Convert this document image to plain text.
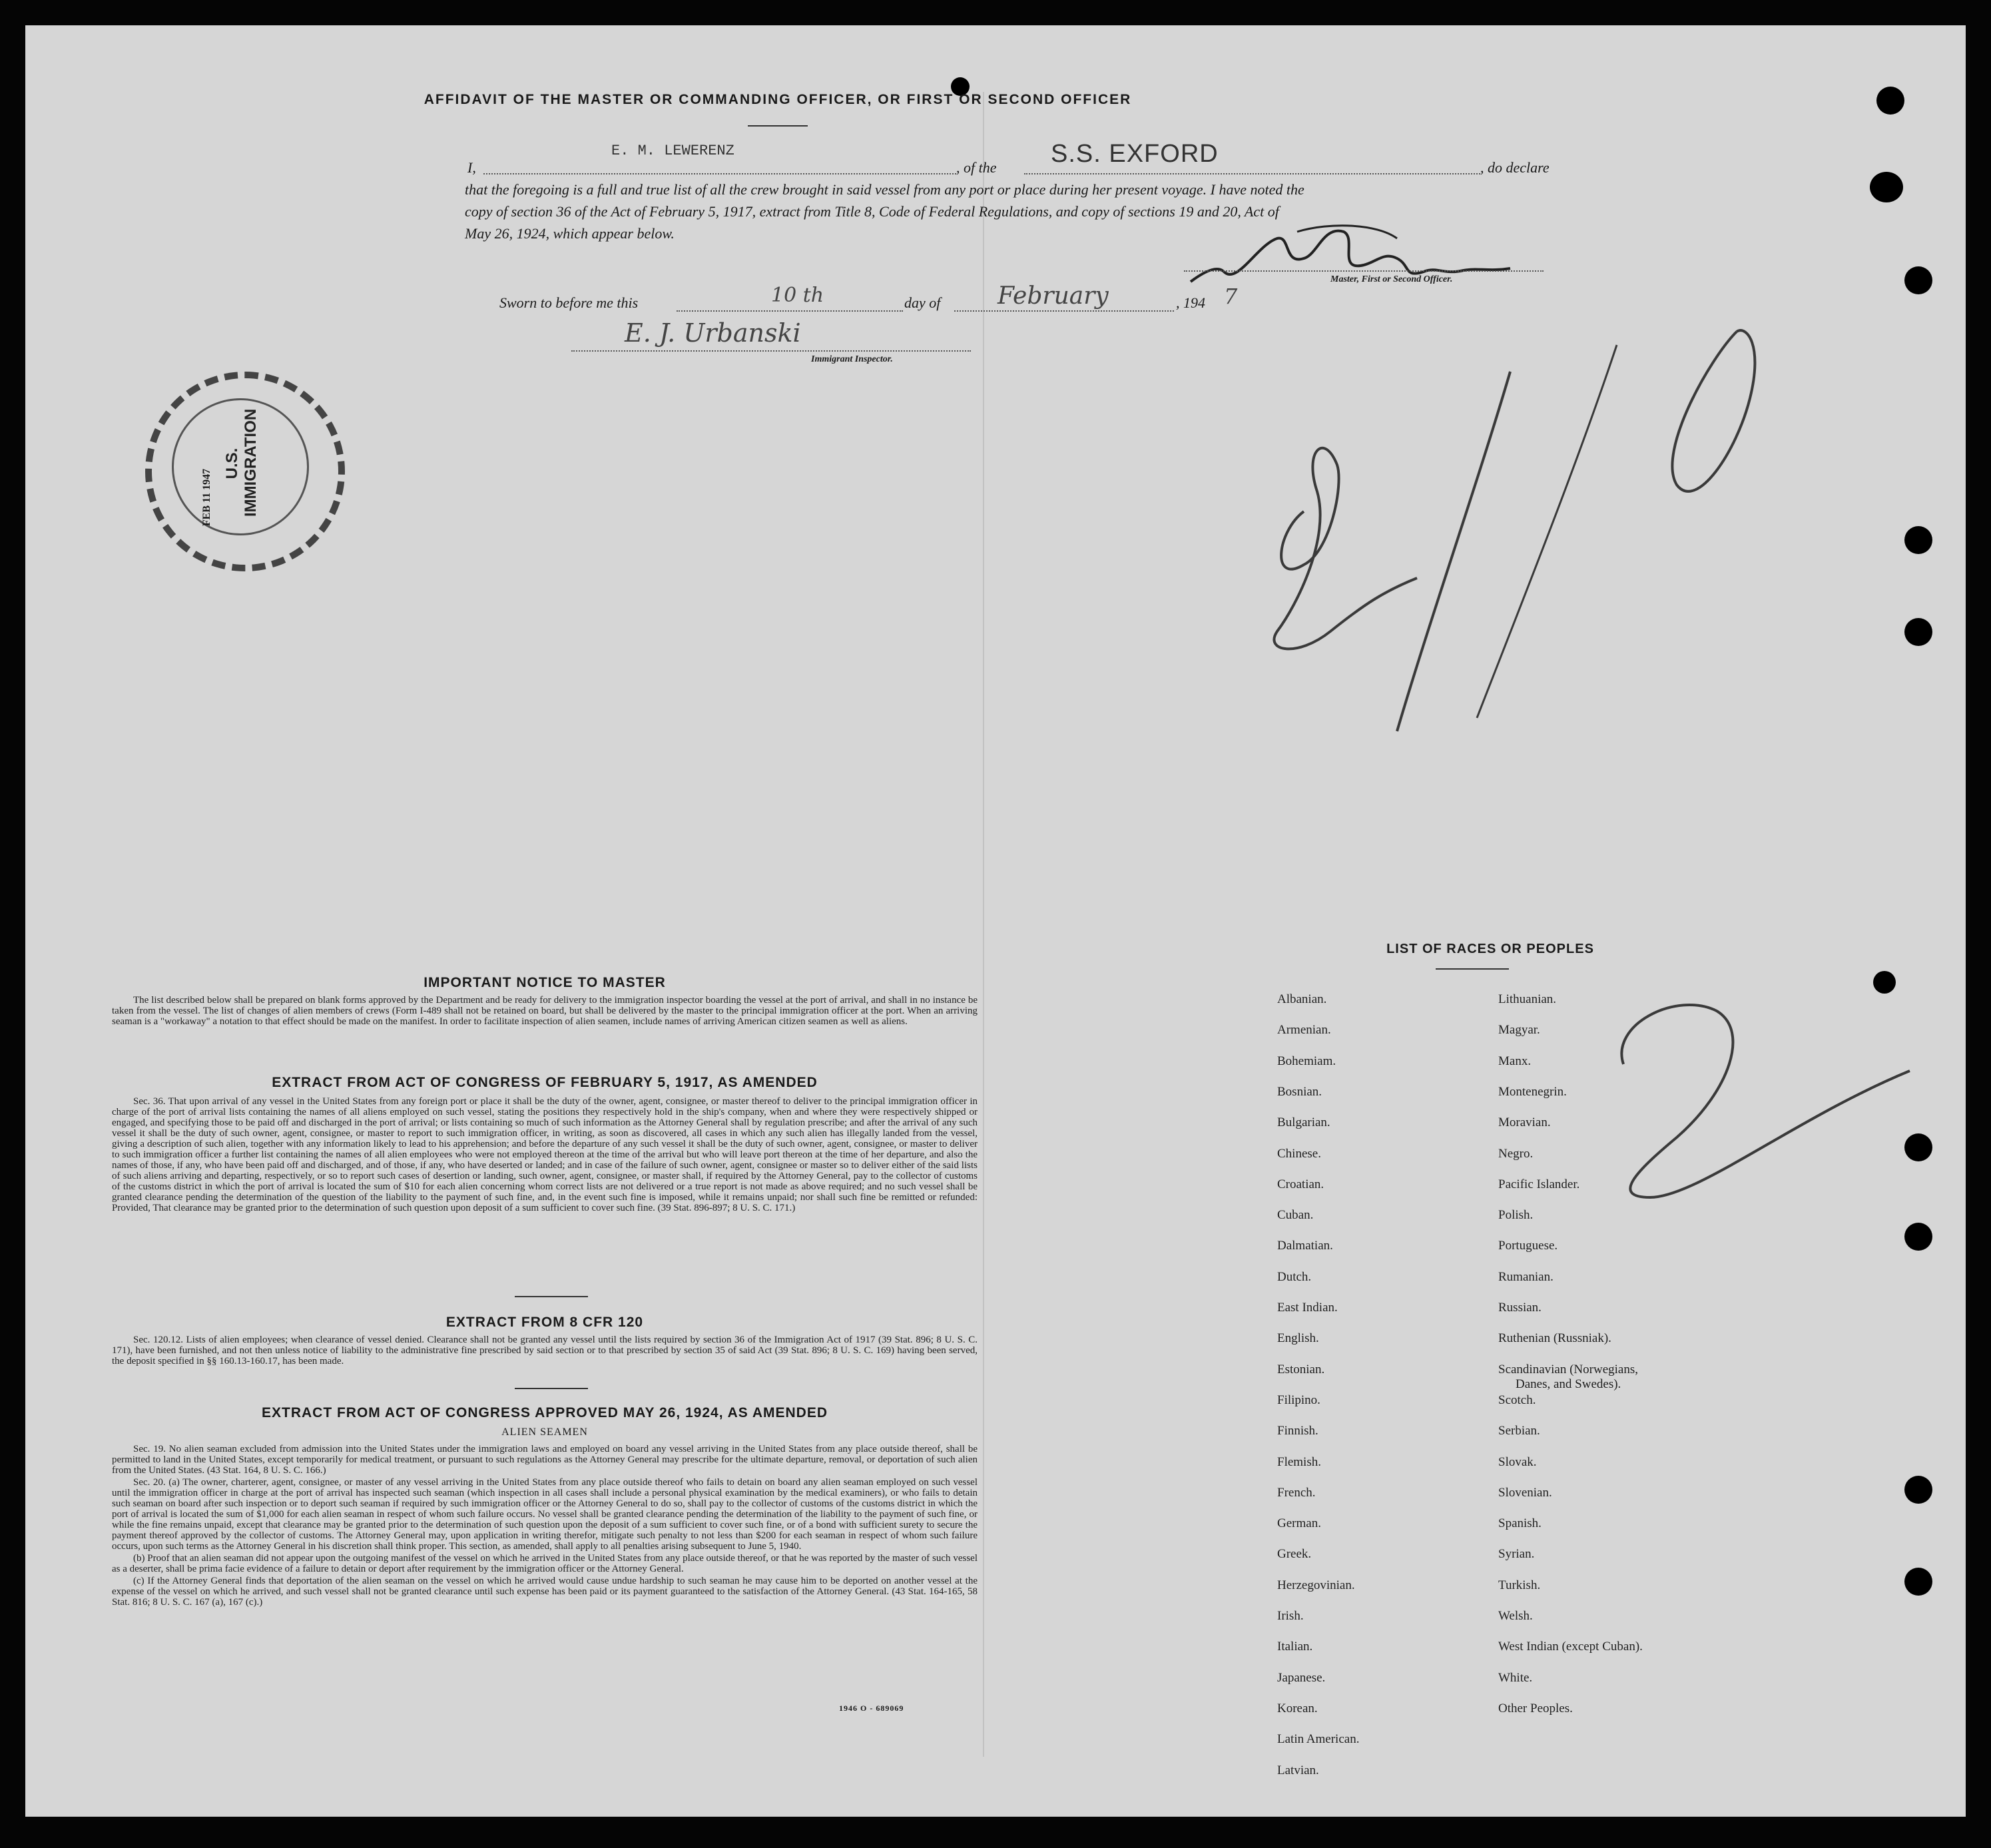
AFFIDAVIT OF THE MASTER OR COMMANDING OFFICER, OR FIRST OR SECOND OFFICER
I,
E. M. LEWERENZ
, of the S.S. EXFORD	, do declare
that the foregoing is a full and true list of all the crew brought in said vessel from any port or place during her present voyage. I have noted the
copy of section 36 of the Act of February 5, 1917, extract from Title 8, Code of Federal Regulations, and copy of sections 19 and 20, Act of
May 26, 1924, which appear below.
Master, First or Second Officer.
Sworn to before me this	10 th	day of February	, 194 7
E. J. Urbanski
Immigrant Inspector.
U.S. IMMIGRATION
FEB 11 1947
IMPORTANT NOTICE TO MASTER

The list described below shall be prepared on blank forms approved by the Department and be ready for delivery to the immigration inspector boarding the vessel at the port of arrival, and shall in no instance be taken from the vessel. The list of changes of alien members of crews (Form I-489 shall not be retained on board, but shall be delivered by the master to the principal immigration officer at the port. When an arriving seaman is a "workaway" a notation to that effect should be made on the manifest. In order to facilitate inspection of alien seamen, include names of arriving American citizen seamen as well as aliens.

EXTRACT FROM ACT OF CONGRESS OF FEBRUARY 5, 1917, AS AMENDED

Sec. 36. That upon arrival of any vessel in the United States from any foreign port or place it shall be the duty of the owner, agent, consignee, or master thereof to deliver to the principal immigration officer in charge of the port of arrival lists containing the names of all aliens employed on such vessel, stating the positions they respectively hold in the ship's company, when and where they were respectively shipped or engaged, and specifying those to be paid off and discharged in the port of arrival; or lists containing so much of such information as the Attorney General shall by regulation prescribe; and after the arrival of any such vessel it shall be the duty of such owner, agent, consignee, or master to report to such immigration officer, in writing, as soon as discovered, all cases in which any such alien has illegally landed from the vessel, giving a description of such alien, together with any information likely to lead to his apprehension; and before the departure of any such vessel it shall be the duty of such owner, agent, consignee, or master to deliver to such immigration officer a further list containing the names of all alien employees who were not employed thereon at the time of the arrival but who will leave port thereon at the time of her departure, and also the names of those, if any, who have been paid off and discharged, and of those, if any, who have deserted or landed; and in case of the failure of such owner, agent, consignee or master so to deliver either of the said lists of such aliens arriving and departing, respectively, or so to report such cases of desertion or landing, such owner, agent, consignee, or master shall, if required by the Attorney General, pay to the collector of customs of the customs district in which the port of arrival is located the sum of $10 for each alien concerning whom correct lists are not delivered or a true report is not made as above required; and no such vessel shall be granted clearance pending the determination of the question of the liability to the payment of such fine, and, in the event such fine is imposed, while it remains unpaid; nor shall such fine be remitted or refunded: Provided, That clearance may be granted prior to the determination of such question upon deposit of a sum sufficient to cover such fine. (39 Stat. 896-897; 8 U. S. C. 171.)

EXTRACT FROM 8 CFR 120

Sec. 120.12. Lists of alien employees; when clearance of vessel denied. Clearance shall not be granted any vessel until the lists required by section 36 of the Immigration Act of 1917 (39 Stat. 896; 8 U. S. C. 171), have been furnished, and not then unless notice of liability to the administrative fine prescribed by said section or to that prescribed by section 35 of said Act (39 Stat. 896; 8 U. S. C. 169) having been served, the deposit specified in §§ 160.13-160.17, has been made.

EXTRACT FROM ACT OF CONGRESS APPROVED MAY 26, 1924, AS AMENDED
ALIEN SEAMEN

Sec. 19. No alien seaman excluded from admission into the United States under the immigration laws and employed on board any vessel arriving in the United States from any place outside thereof, shall be permitted to land in the United States, except temporarily for medical treatment, or pursuant to such regulations as the Attorney General may prescribe for the ultimate departure, removal, or deportation of such alien from the United States. (43 Stat. 164, 8 U. S. C. 166.)

Sec. 20. (a) The owner, charterer, agent, consignee, or master of any vessel arriving in the United States from any place outside thereof who fails to detain on board any alien seaman employed on such vessel until the immigration officer in charge at the port of arrival has inspected such seaman (which inspection in all cases shall include a personal physical examination by the medical examiners), or who fails to detain such seaman on board after such inspection or to deport such seaman if required by such immigration officer or the Attorney General to do so, shall pay to the collector of customs of the customs district in which the port of arrival is located the sum of $1,000 for each alien seaman in respect of whom such failure occurs. No vessel shall be granted clearance pending the determination of the liability to the payment of such fine, or while the fine remains unpaid, except that clearance may be granted prior to the determination of such question upon the deposit of a sum sufficient to cover such fine, or of a bond with sufficient surety to secure the payment thereof approved by the collector of customs. The Attorney General may, upon application in writing therefor, mitigate such penalty to not less than $200 for each seaman in respect of whom such failure occurs, upon such terms as the Attorney General in his discretion shall think proper. This section, as amended, shall apply to all penalties arising subsequent to June 5, 1940.

(b) Proof that an alien seaman did not appear upon the outgoing manifest of the vessel on which he arrived in the United States from any place outside thereof, or that he was reported by the master of such vessel as a deserter, shall be prima facie evidence of a failure to detain or deport after requirement by the immigration officer or the Attorney General.

(c) If the Attorney General finds that deportation of the alien seaman on the vessel on which he arrived would cause undue hardship to such seaman he may cause him to be deported on another vessel at the expense of the vessel on which he arrived, and such vessel shall not be granted clearance until such expense has been paid or its payment guaranteed to the satisfaction of the Attorney General. (43 Stat. 164-165, 58 Stat. 816; 8 U. S. C. 167 (a), 167 (c).)

1946 O - 689069
LIST OF RACES OR PEOPLES
Albanian.
Armenian.
Bohemiam.
Bosnian.
Bulgarian.
Chinese.
Croatian.
Cuban.
Dalmatian.
Dutch.
East Indian.
English.
Estonian.
Filipino.
Finnish.
Flemish.
French.
German.
Greek.
Herzegovinian.
Irish.
Italian.
Japanese.
Korean.
Latin American.
Latvian.
Lithuanian.
Magyar.
Manx.
Montenegrin.
Moravian.
Negro.
Pacific Islander.
Polish.
Portuguese.
Rumanian.
Russian.
Ruthenian (Russniak).
Scandinavian (Norwegians,
Danes, and Swedes).
Scotch.
Serbian.
Slovak.
Slovenian.
Spanish.
Syrian.
Turkish.
Welsh.
West Indian (except Cuban).
White.
Other Peoples.
